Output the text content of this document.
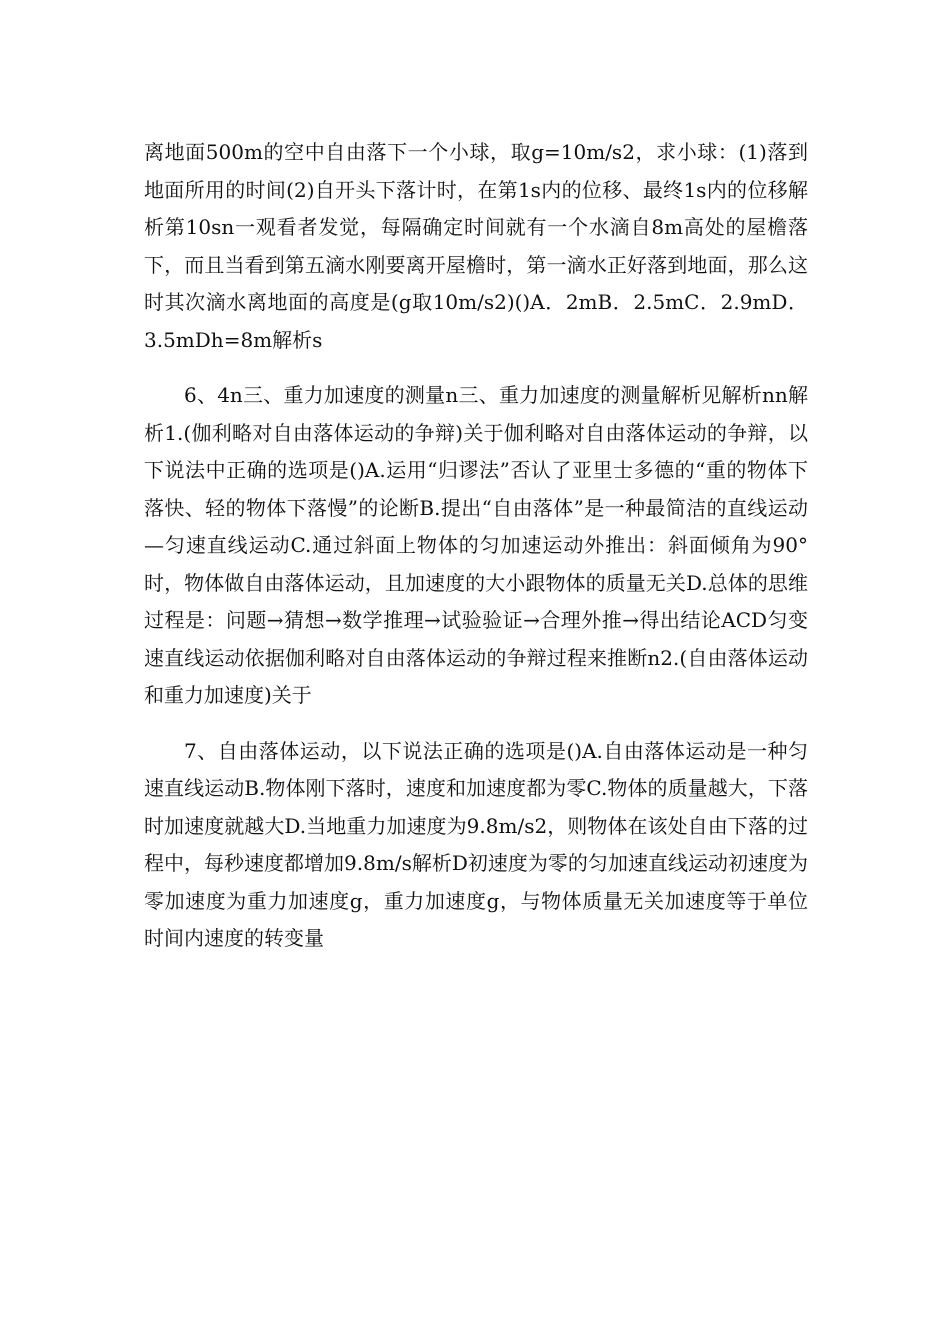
离地面500m的空中自由落下一个小球，取g=10m/s2，求小球：(1)落到地面所用的时间(2)自开头下落计时，在第1s内的位移、最终1s内的位移解析第10sn一观看者发觉，每隔确定时间就有一个水滴自8m高处的屋檐落下，而且当看到第五滴水刚要离开屋檐时，第一滴水正好落到地面，那么这时其次滴水离地面的高度是(g取10m/s2)()A．2mB．2.5mC．2.9mD．3.5mDh=8m解析s

6、4n三、重力加速度的测量n三、重力加速度的测量解析见解析nn解析1.(伽利略对自由落体运动的争辩)关于伽利略对自由落体运动的争辩，以下说法中正确的选项是()A.运用“归谬法”否认了亚里士多德的“重的物体下落快、轻的物体下落慢”的论断B.提出“自由落体”是一种最简洁的直线运动—匀速直线运动C.通过斜面上物体的匀加速运动外推出：斜面倾角为90°时，物体做自由落体运动，且加速度的大小跟物体的质量无关D.总体的思维过程是：问题→猜想→数学推理→试验验证→合理外推→得出结论ACD匀变速直线运动依据伽利略对自由落体运动的争辩过程来推断n2.(自由落体运动和重力加速度)关于

7、自由落体运动，以下说法正确的选项是()A.自由落体运动是一种匀速直线运动B.物体刚下落时，速度和加速度都为零C.物体的质量越大，下落时加速度就越大D.当地重力加速度为9.8m/s2，则物体在该处自由下落的过程中，每秒速度都增加9.8m/s解析D初速度为零的匀加速直线运动初速度为零加速度为重力加速度g，重力加速度g，与物体质量无关加速度等于单位时间内速度的转变量
